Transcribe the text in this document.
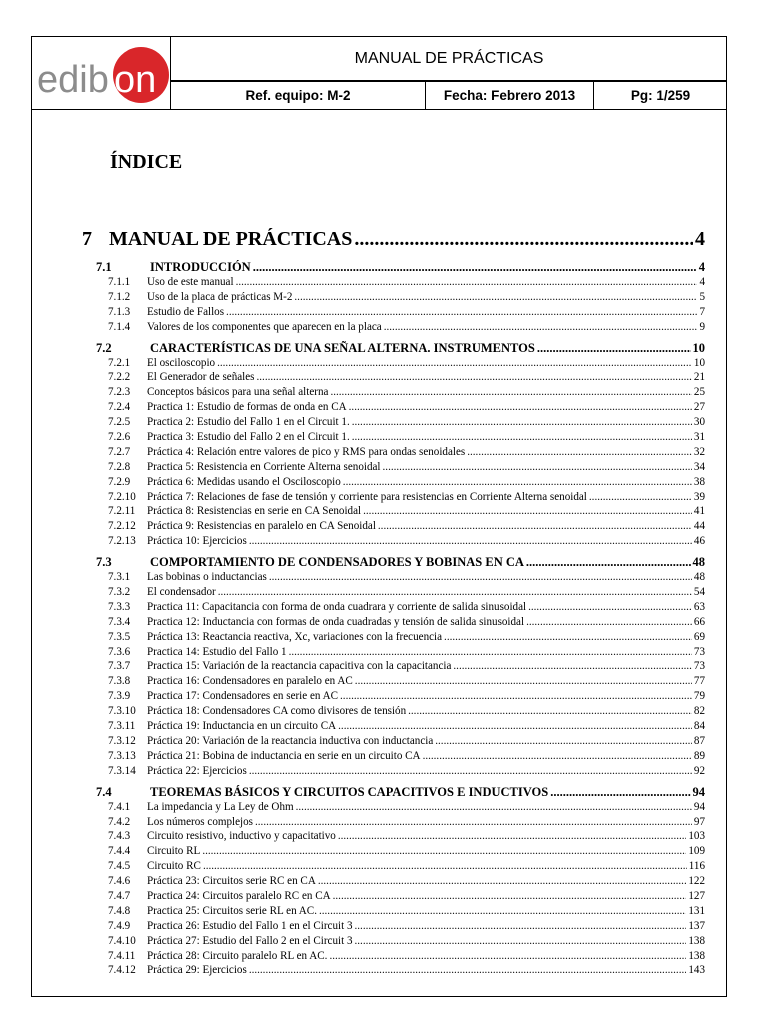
edib on
MANUAL DE PRÁCTICAS
Ref. equipo: M-2	Fecha: Febrero 2013	Pg: 1/259
ÍNDICE
7 MANUAL DE PRÁCTICAS .....	4
7.1	INTRODUCCIÓN .....	4
7.1.1	Uso de este manual .....	4
7.1.2	Uso de la placa de prácticas M-2 .....	5
7.1.3	Estudio de Fallos .....	7
7.1.4	Valores de los componentes que aparecen en la placa .....	9
7.2	CARACTERÍSTICAS DE UNA SEÑAL ALTERNA. INSTRUMENTOS .....	10
7.2.1	El osciloscopio .....	10
7.2.2	El Generador de señales .....	21
7.2.3	Conceptos básicos para una señal alterna .....	25
7.2.4	Practica 1: Estudio de formas de onda en CA .....	27
7.2.5	Practica 2: Estudio del Fallo 1 en el Circuit 1. .....	30
7.2.6	Practica 3: Estudio del Fallo 2 en el Circuit 1. .....	31
7.2.7	Práctica 4: Relación entre valores de pico y RMS para ondas senoidales .....	32
7.2.8	Practica 5: Resistencia en Corriente Alterna senoidal .....	34
7.2.9	Práctica 6: Medidas usando el Osciloscopio .....	38
7.2.10	Práctica 7: Relaciones de fase de tensión y corriente para resistencias en Corriente Alterna senoidal .....	39
7.2.11	Práctica 8: Resistencias en serie en CA Senoidal .....	41
7.2.12	Práctica 9: Resistencias en paralelo en CA Senoidal .....	44
7.2.13	Práctica 10: Ejercicios .....	46
7.3	COMPORTAMIENTO DE CONDENSADORES Y BOBINAS EN CA .....	48
7.3.1	Las bobinas o inductancias .....	48
7.3.2	El condensador .....	54
7.3.3	Practica 11: Capacitancia con forma de onda cuadrara y corriente de salida sinusoidal .....	63
7.3.4	Practica 12: Inductancia con formas de onda cuadradas y tensión de salida sinusoidal .....	66
7.3.5	Práctica 13: Reactancia reactiva, Xc, variaciones con la frecuencia .....	69
7.3.6	Practica 14: Estudio del Fallo 1 .....	73
7.3.7	Practica 15: Variación de la reactancia capacitiva con la capacitancia .....	73
7.3.8	Practica 16: Condensadores en paralelo en AC .....	77
7.3.9	Practica 17: Condensadores en serie en AC .....	79
7.3.10	Práctica 18: Condensadores CA como divisores de tensión .....	82
7.3.11	Práctica 19: Inductancia en un circuito CA .....	84
7.3.12	Práctica 20: Variación de la reactancia inductiva con inductancia .....	87
7.3.13	Práctica 21: Bobina de inductancia en serie en un circuito CA .....	89
7.3.14	Práctica 22: Ejercicios .....	92
7.4	TEOREMAS BÁSICOS Y CIRCUITOS CAPACITIVOS E INDUCTIVOS .....	94
7.4.1	La impedancia y La Ley de Ohm .....	94
7.4.2	Los números complejos .....	97
7.4.3	Circuito resistivo, inductivo y capacitativo .....	103
7.4.4	Circuito RL .....	109
7.4.5	Circuito RC .....	116
7.4.6	Práctica 23: Circuitos serie RC en CA .....	122
7.4.7	Practica 24: Circuitos paralelo RC en CA .....	127
7.4.8	Practica 25: Circuitos serie RL en AC. .....	131
7.4.9	Practica 26: Estudio del Fallo 1 en el Circuit 3 .....	137
7.4.10	Práctica 27: Estudio del Fallo 2 en el Circuit 3 .....	138
7.4.11	Práctica 28: Circuito paralelo RL en AC. .....	138
7.4.12	Práctica 29: Ejercicios .....	143
